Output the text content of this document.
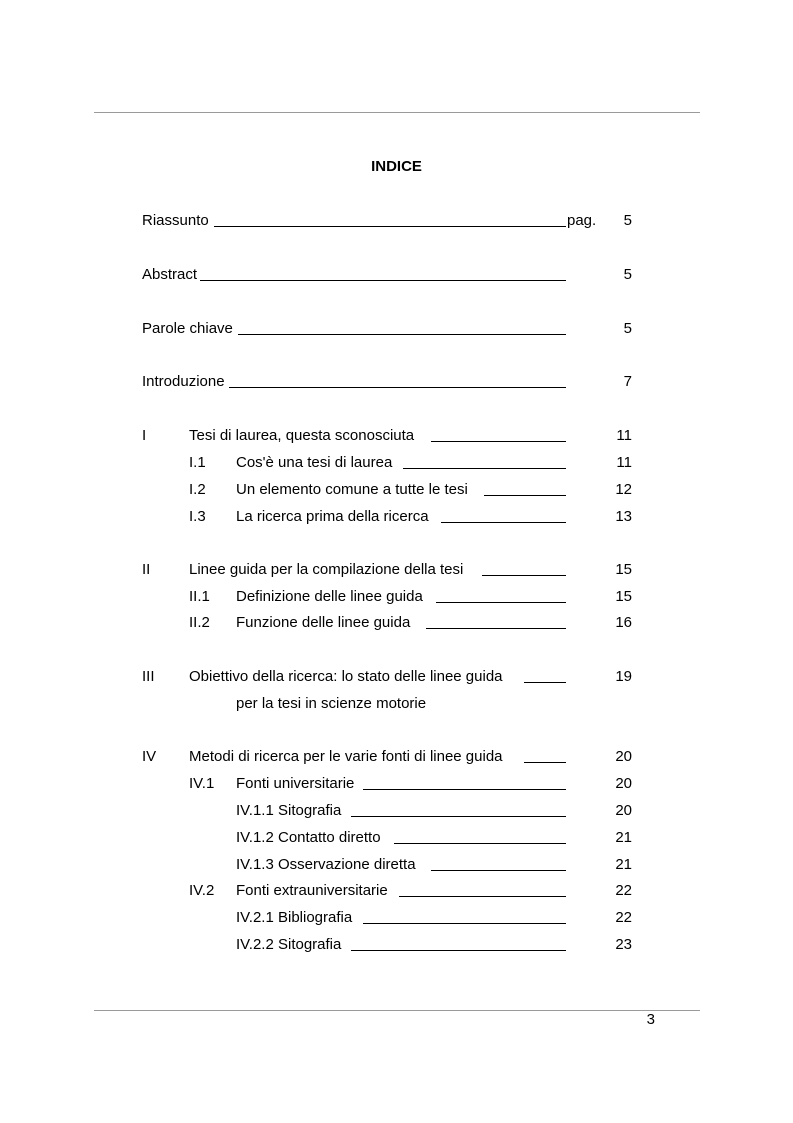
INDICE
Riassunto	pag. 5
Abstract	5
Parole chiave	5
Introduzione	7
I	Tesi di laurea, questa sconosciuta	11
I.1 Cos'è una tesi di laurea	11
I.2 Un elemento comune a tutte le tesi	12
I.3 La ricerca prima della ricerca	13
II	Linee guida per la compilazione della tesi	15
II.1 Definizione delle linee guida	15
II.2 Funzione delle linee guida	16
III Obiettivo della ricerca: lo stato delle linee guida	19
per la tesi in scienze motorie
IV Metodi di ricerca per le varie fonti di linee guida	20
IV.1 Fonti universitarie	20
IV.1.1 Sitografia	20
IV.1.2 Contatto diretto	21
IV.1.3 Osservazione diretta	21
IV.2 Fonti extrauniversitarie	22
IV.2.1 Bibliografia	22
IV.2.2 Sitografia	23
3
